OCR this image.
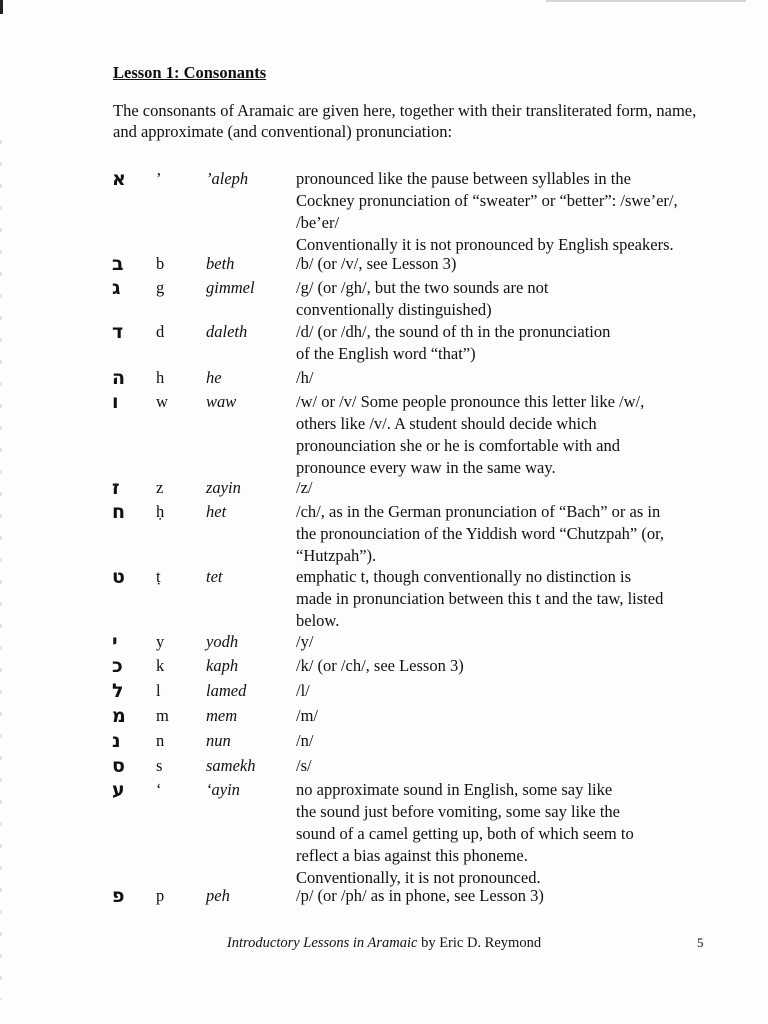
Lesson 1: Consonants
The consonants of Aramaic are given here, together with their transliterated form, name, and approximate (and conventional) pronunciation:
א	’	’aleph	pronounced like the pause between syllables in the

Cockney pronunciation of “sweater” or “better”: /swe’er/,

/be’er/

Conventionally it is not pronounced by English speakers.

ב	b	beth	/b/ (or /v/, see Lesson 3)

ג	g	gimmel	/g/ (or /gh/, but the two sounds are not

conventionally distinguished)

ד	d	daleth	/d/ (or /dh/, the sound of th in the pronunciation

of the English word “that”)

ה	h	he	/h/

ו	w	waw	/w/ or /v/ Some people pronounce this letter like /w/,

others like /v/. A student should decide which

pronounciation she or he is comfortable with and

pronounce every waw in the same way.

ז	z	zayin	/z/

ח	ḥ	het	/ch/, as in the German pronunciation of “Bach” or as in

the pronounciation of the Yiddish word “Chutzpah” (or,

“Hutzpah”).

ט	ṭ	tet	emphatic t, though conventionally no distinction is

made in pronunciation between this t and the taw, listed

below.

י	y	yodh	/y/

כ	k	kaph	/k/ (or /ch/, see Lesson 3)

ל	l	lamed	/l/

מ	m	mem	/m/

נ	n	nun	/n/

ס	s	samekh	/s/

ע	‘	‘ayin	no approximate sound in English, some say like

the sound just before vomiting, some say like the

sound of a camel getting up, both of which seem to

reflect a bias against this phoneme.

Conventionally, it is not pronounced.

פ	p	peh	/p/ (or /ph/ as in phone, see Lesson 3)

Introductory Lessons in Aramaic by Eric D. Reymond	5
